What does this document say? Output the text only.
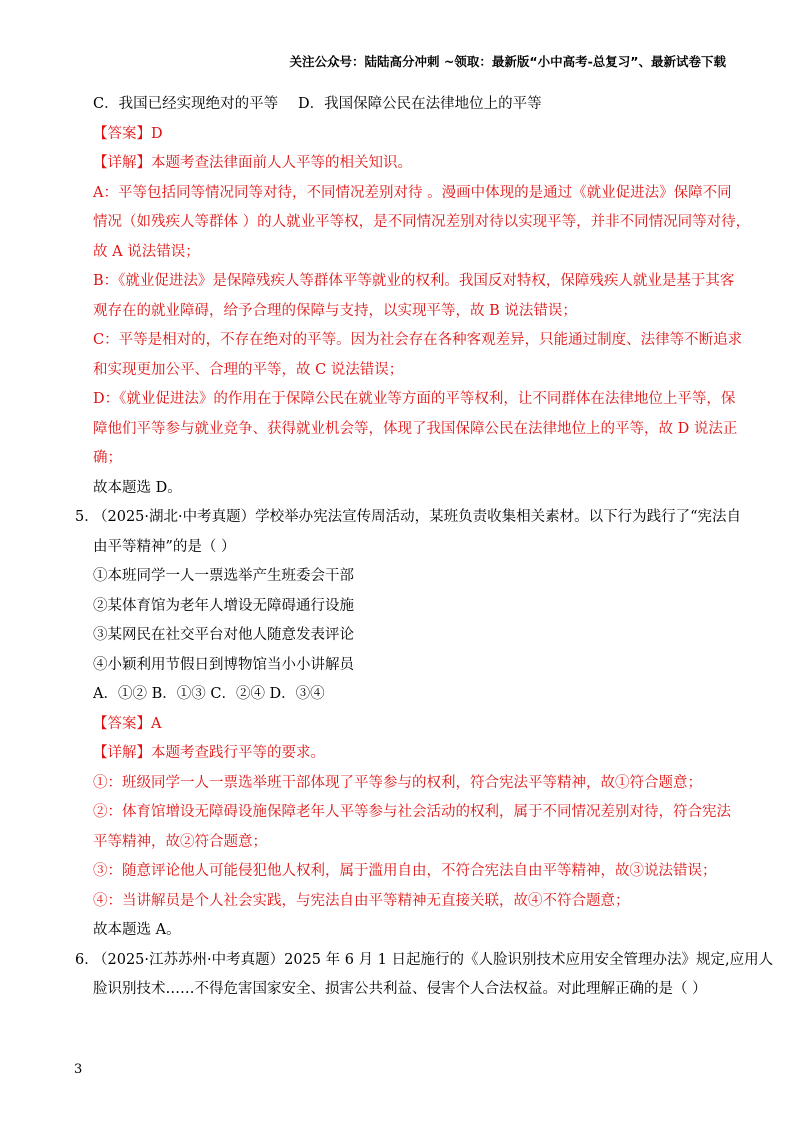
关注公众号：陆陆高分冲刺 ~领取：最新版“小中高考-总复习”、最新试卷下载
C．我国已经实现绝对的平等 D．我国保障公民在法律地位上的平等
【答案】D
【详解】本题考查法律面前人人平等的相关知识。
A：平等包括同等情况同等对待，不同情况差别对待 。漫画中体现的是通过《就业促进法》保障不同
情况（如残疾人等群体 ）的人就业平等权，是不同情况差别对待以实现平等，并非不同情况同等对待，
故 A 说法错误；
B：《就业促进法》是保障残疾人等群体平等就业的权利。我国反对特权，保障残疾人就业是基于其客
观存在的就业障碍，给予合理的保障与支持，以实现平等，故 B 说法错误；
C：平等是相对的，不存在绝对的平等。因为社会存在各种客观差异，只能通过制度、法律等不断追求
和实现更加公平、合理的平等，故 C 说法错误；
D：《就业促进法》的作用在于保障公民在就业等方面的平等权利，让不同群体在法律地位上平等，保
障他们平等参与就业竞争、获得就业机会等，体现了我国保障公民在法律地位上的平等，故 D 说法正
确；
故本题选 D。
5．（2025·湖北·中考真题）学校举办宪法宣传周活动，某班负责收集相关素材。以下行为践行了“宪法自
由平等精神”的是（ ）
①本班同学一人一票选举产生班委会干部
②某体育馆为老年人增设无障碍通行设施
③某网民在社交平台对他人随意发表评论
④小颖利用节假日到博物馆当小小讲解员
A．①② B．①③ C．②④ D．③④
【答案】A
【详解】本题考查践行平等的要求。
①：班级同学一人一票选举班干部体现了平等参与的权利，符合宪法平等精神，故①符合题意；
②：体育馆增设无障碍设施保障老年人平等参与社会活动的权利，属于不同情况差别对待，符合宪法
平等精神，故②符合题意；
③：随意评论他人可能侵犯他人权利，属于滥用自由，不符合宪法自由平等精神，故③说法错误；
④：当讲解员是个人社会实践，与宪法自由平等精神无直接关联，故④不符合题意；
故本题选 A。
6．（2025·江苏苏州·中考真题）2025 年 6 月 1 日起施行的《人脸识别技术应用安全管理办法》规定,应用人
脸识别技术……不得危害国家安全、损害公共利益、侵害个人合法权益。对此理解正确的是（ ）
3
